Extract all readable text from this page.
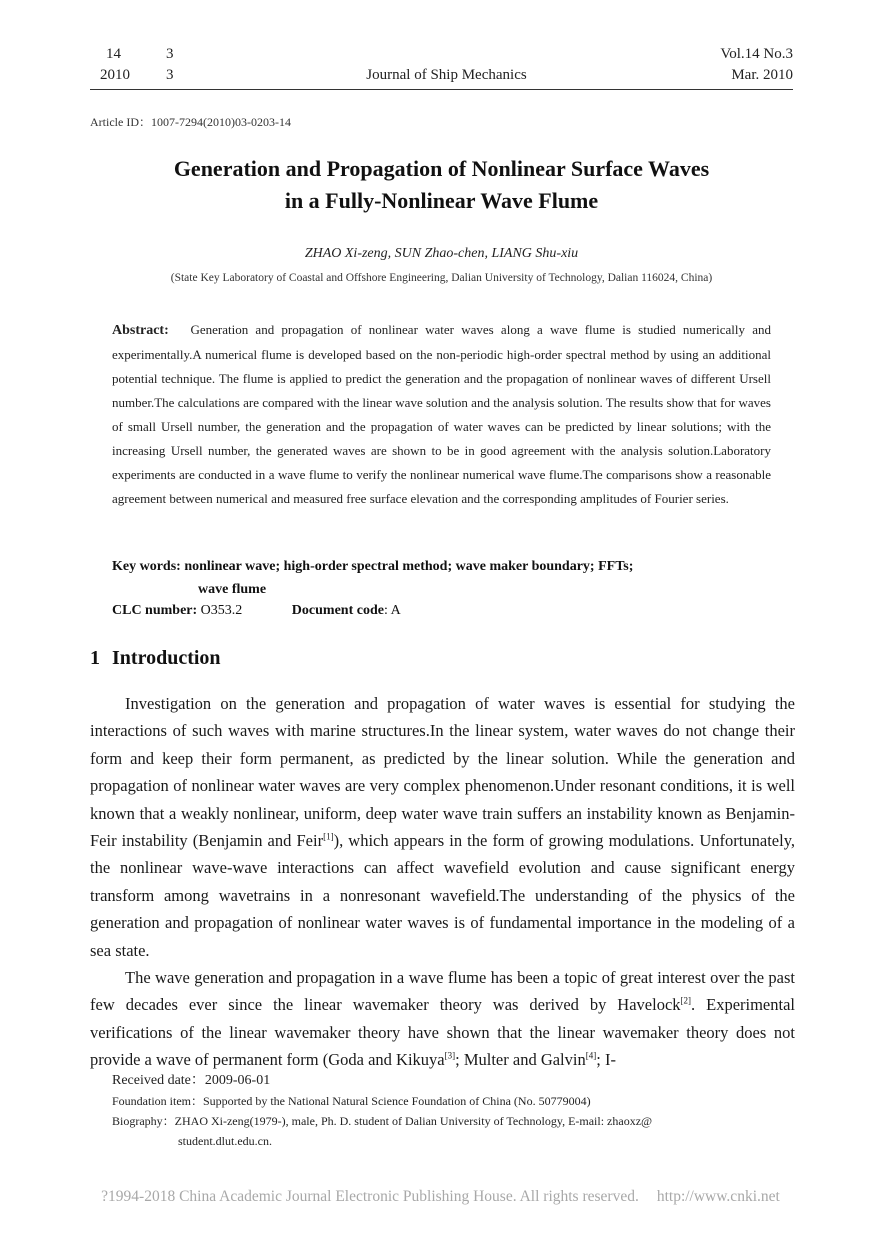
14	3	Vol.14 No.3
2010 3	Journal of Ship Mechanics	Mar. 2010
Article ID：1007-7294(2010)03-0203-14
Generation and Propagation of Nonlinear Surface Waves
in a Fully-Nonlinear Wave Flume
ZHAO Xi-zeng, SUN Zhao-chen, LIANG Shu-xiu
(State Key Laboratory of Coastal and Offshore Engineering, Dalian University of Technology, Dalian 116024, China)
Abstract: Generation and propagation of nonlinear water waves along a wave flume is studied numerically and experimentally.A numerical flume is developed based on the non-periodic high-order spectral method by using an additional potential technique. The flume is applied to predict the generation and the propagation of nonlinear waves of different Ursell number.The calculations are compared with the linear wave solution and the analysis solution. The results show that for waves of small Ursell number, the generation and the propagation of water waves can be predicted by linear solutions; with the increasing Ursell number, the generated waves are shown to be in good agreement with the analysis solution.Laboratory experiments are conducted in a wave flume to verify the nonlinear numerical wave flume.The comparisons show a reasonable agreement between numerical and measured free surface elevation and the corresponding amplitudes of Fourier series.
Key words: nonlinear wave; high-order spectral method; wave maker boundary; FFTs;
wave flume
CLC number: O353.2	Document code: A
1 Introduction

Investigation on the generation and propagation of water waves is essential for studying the interactions of such waves with marine structures.In the linear system, water waves do not change their form and keep their form permanent, as predicted by the linear solution. While the generation and propagation of nonlinear water waves are very complex phenomenon.Under resonant conditions, it is well known that a weakly nonlinear, uniform, deep water wave train suffers an instability known as Benjamin-Feir instability (Benjamin and Feir[1]), which appears in the form of growing modulations. Unfortunately, the nonlinear wave-wave interactions can affect wavefield evolution and cause significant energy transform among wavetrains in a nonresonant wavefield.The understanding of the physics of the generation and propagation of nonlinear water waves is of fundamental importance in the modeling of a sea state.

The wave generation and propagation in a wave flume has been a topic of great interest over the past few decades ever since the linear wavemaker theory was derived by Havelock[2]. Experimental verifications of the linear wavemaker theory have shown that the linear wavemaker theory does not provide a wave of permanent form (Goda and Kikuya[3]; Multer and Galvin[4]; I-

Received date：2009-06-01
Foundation item：Supported by the National Natural Science Foundation of China (No. 50779004)
Biography：ZHAO Xi-zeng(1979-), male, Ph. D. student of Dalian University of Technology, E-mail: zhaoxz@
student.dlut.edu.cn.
?1994-2018 China Academic Journal Electronic Publishing House. All rights reserved. http://www.cnki.net
